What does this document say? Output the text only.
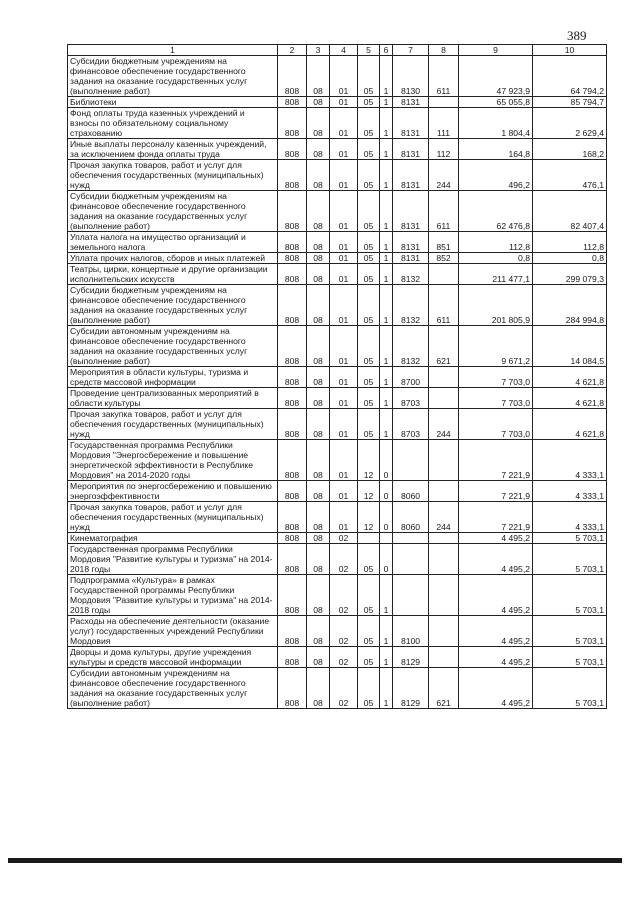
389
1	2	3	4	5	6	7	8	9	10
Субсидии бюджетным учреждениям на финансовое обеспечение государственного задания на оказание государственных услуг (выполнение работ)	808	08	01	05	1	8130	611	47 923,9	64 794,2
Библиотеки	808	08	01	05	1	8131		65 055,8	85 794,7
Фонд оплаты труда казенных учреждений и взносы по обязательному социальному страхованию	808	08	01	05	1	8131	111	1 804,4	2 629,4
Иные выплаты персоналу казенных учреждений, за исключением фонда оплаты труда	808	08	01	05	1	8131	112	164,8	168,2
Прочая закупка товаров, работ и услуг для обеспечения государственных (муниципальных) нужд	808	08	01	05	1	8131	244	496,2	476,1
Субсидии бюджетным учреждениям на финансовое обеспечение государственного задания на оказание государственных услуг (выполнение работ)	808	08	01	05	1	8131	611	62 476,8	82 407,4
Уплата налога на имущество организаций и земельного налога	808	08	01	05	1	8131	851	112,8	112,8
Уплата прочих налогов, сборов и иных платежей	808	08	01	05	1	8131	852	0,8	0,8
Театры, цирки, концертные и другие организации исполнительских искусств	808	08	01	05	1	8132		211 477,1	299 079,3
Субсидии бюджетным учреждениям на финансовое обеспечение государственного задания на оказание государственных услуг (выполнение работ)	808	08	01	05	1	8132	611	201 805,9	284 994,8
Субсидии автономным учреждениям на финансовое обеспечение государственного задания на оказание государственных услуг (выполнение работ)	808	08	01	05	1	8132	621	9 671,2	14 084,5
Мероприятия в области культуры, туризма и средств массовой информации	808	08	01	05	1	8700		7 703,0	4 621,8
Проведение централизованных мероприятий в области культуры	808	08	01	05	1	8703		7 703,0	4 621,8
Прочая закупка товаров, работ и услуг для обеспечения государственных (муниципальных) нужд	808	08	01	05	1	8703	244	7 703,0	4 621,8
Государственная программа Республики Мордовия "Энергосбережение и повышение энергетической эффективности в Республике Мордовия" на 2014-2020 годы	808	08	01	12	0			7 221,9	4 333,1
Мероприятия по энергосбережению и повышению энергоэффективности	808	08	01	12	0	8060		7 221,9	4 333,1
Прочая закупка товаров, работ и услуг для обеспечения государственных (муниципальных) нужд	808	08	01	12	0	8060	244	7 221,9	4 333,1
Кинематография	808	08	02					4 495,2	5 703,1
Государственная программа Республики Мордовия "Развитие культуры и туризма" на 2014-2018 годы	808	08	02	05	0			4 495,2	5 703,1
Подпрограмма «Культура» в рамках Государственной программы Республики Мордовия "Развитие культуры и туризма" на 2014-2018 годы	808	08	02	05	1			4 495,2	5 703,1
Расходы на обеспечение деятельности (оказание услуг) государственных учреждений Республики Мордовия	808	08	02	05	1	8100		4 495,2	5 703,1
Дворцы и дома культуры, другие учреждения культуры и средств массовой информации	808	08	02	05	1	8129		4 495,2	5 703,1
Субсидии автономным учреждениям на финансовое обеспечение государственного задания на оказание государственных услуг (выполнение работ)	808	08	02	05	1	8129	621	4 495,2	5 703,1
